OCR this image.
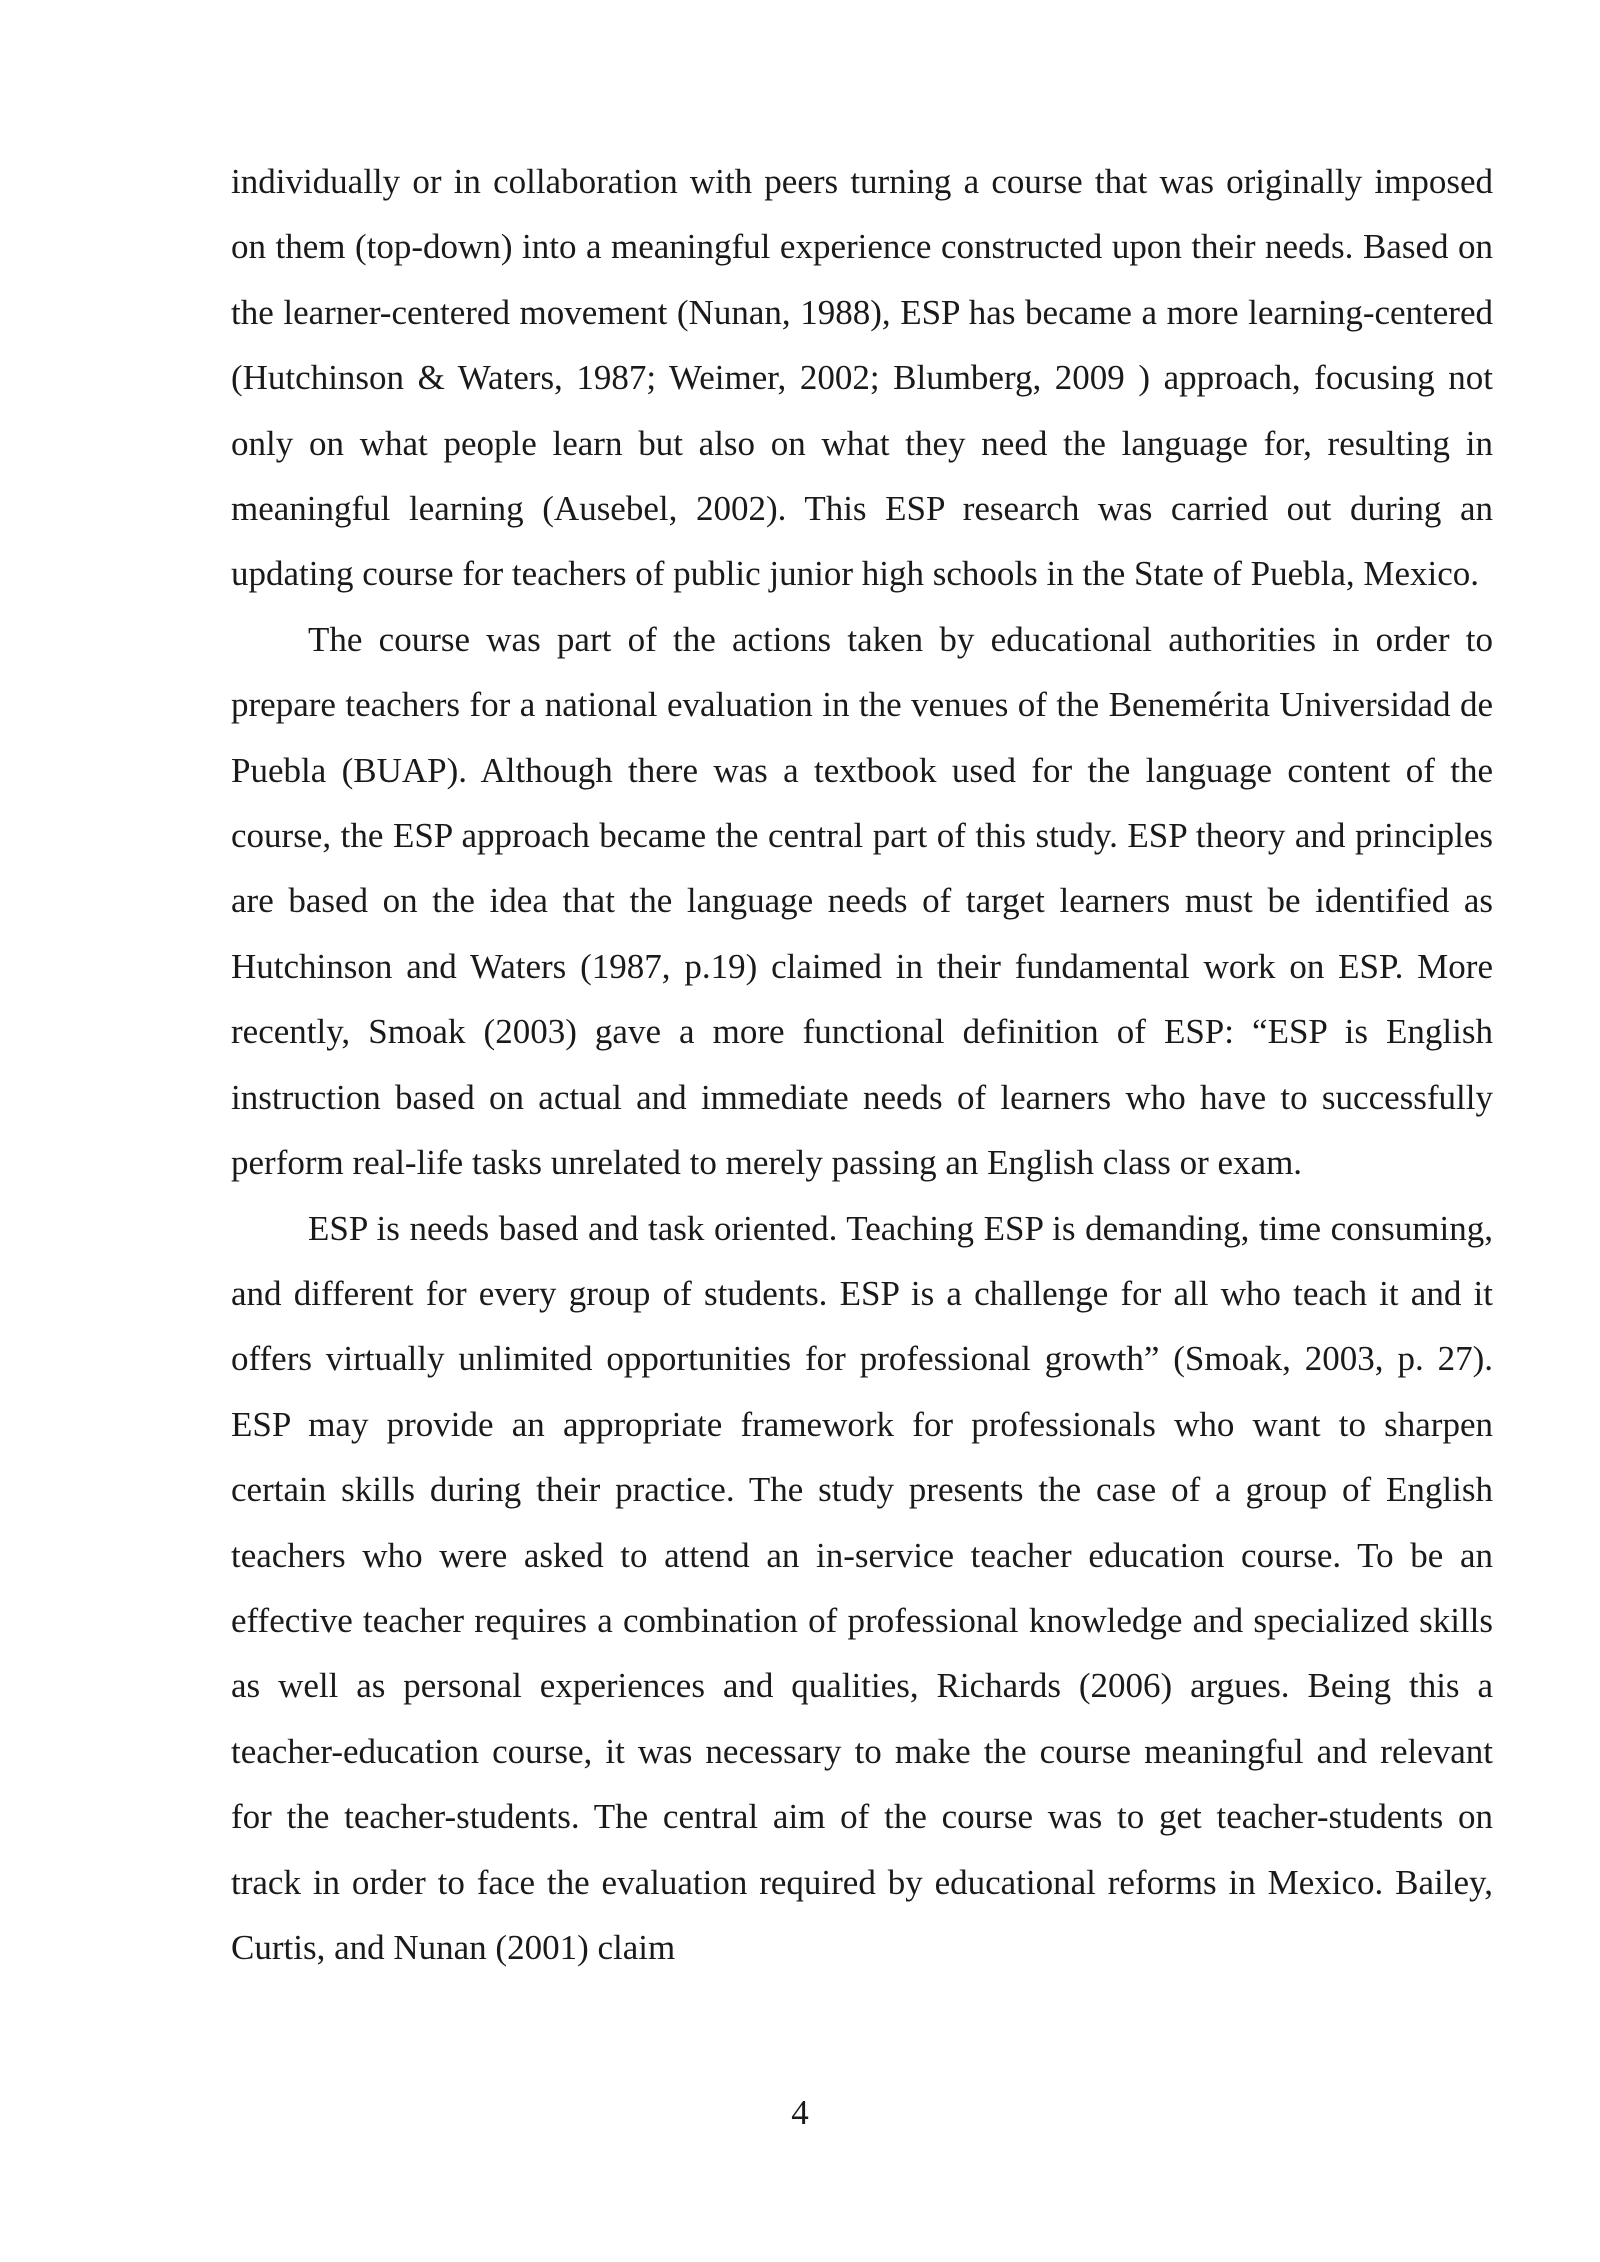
individually or in collaboration with peers turning a course that was originally imposed on them (top-down) into a meaningful experience constructed upon their needs. Based on the learner-centered movement (Nunan, 1988), ESP has became a more learning-centered (Hutchinson & Waters, 1987; Weimer, 2002; Blumberg, 2009 ) approach, focusing not only on what people learn but also on what they need the language for, resulting in meaningful learning (Ausebel, 2002). This ESP research was carried out during an updating course for teachers of public junior high schools in the State of Puebla, Mexico.

The course was part of the actions taken by educational authorities in order to prepare teachers for a national evaluation in the venues of the Benemérita Universidad de Puebla (BUAP). Although there was a textbook used for the language content of the course, the ESP approach became the central part of this study. ESP theory and principles are based on the idea that the language needs of target learners must be identified as Hutchinson and Waters (1987, p.19) claimed in their fundamental work on ESP. More recently, Smoak (2003) gave a more functional definition of ESP: “ESP is English instruction based on actual and immediate needs of learners who have to successfully perform real-life tasks unrelated to merely passing an English class or exam.

ESP is needs based and task oriented. Teaching ESP is demanding, time consuming, and different for every group of students. ESP is a challenge for all who teach it and it offers virtually unlimited opportunities for professional growth” (Smoak, 2003, p. 27). ESP may provide an appropriate framework for professionals who want to sharpen certain skills during their practice. The study presents the case of a group of English teachers who were asked to attend an in-service teacher education course. To be an effective teacher requires a combination of professional knowledge and specialized skills as well as personal experiences and qualities, Richards (2006) argues. Being this a teacher-education course, it was necessary to make the course meaningful and relevant for the teacher-students. The central aim of the course was to get teacher-students on track in order to face the evaluation required by educational reforms in Mexico. Bailey, Curtis, and Nunan (2001) claim

4
